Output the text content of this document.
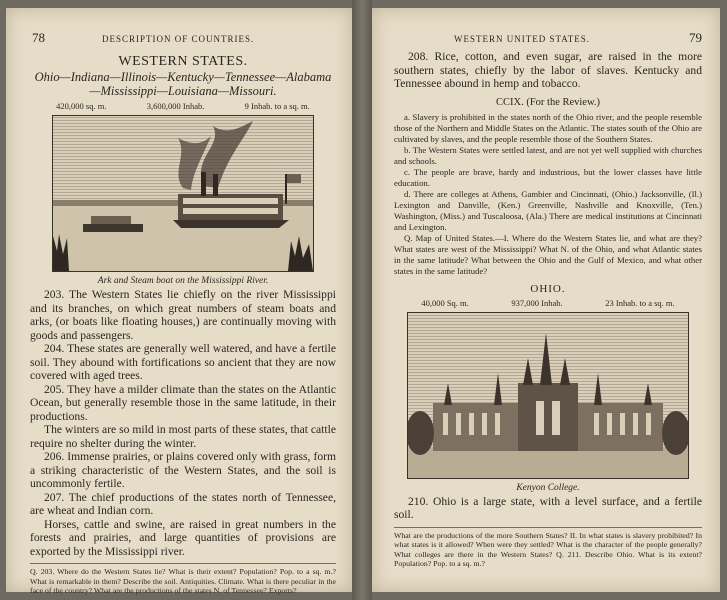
78	DESCRIPTION OF COUNTRIES.
WESTERN STATES.
Ohio—Indiana—Illinois—Kentucky—Tennessee—Alabama—Mississippi—Louisiana—Missouri.
420,000 sq. m.	3,600,000 Inhab.	9 Inhab. to a sq. m.
Ark and Steam boat on the Mississippi River.

203. The Western States lie chiefly on the river Mississippi and its branches, on which great numbers of steam boats and arks, (or boats like floating houses,) are continually moving with goods and passengers.

204. These states are generally well watered, and have a fertile soil. They abound with fortifications so ancient that they are now covered with aged trees.

205. They have a milder climate than the states on the Atlantic Ocean, but generally resemble those in the same latitude, in their productions.

The winters are so mild in most parts of these states, that cattle require no shelter during the winter.

206. Immense prairies, or plains covered only with grass, form a striking characteristic of the Western States, and the soil is uncommonly fertile.

207. The chief productions of the states north of Tennessee, are wheat and Indian corn.

Horses, cattle and swine, are raised in great numbers in the forests and prairies, and large quantities of provisions are exported by the Mississippi river.

Q. 203. Where do the Western States lie? What is their extent? Population? Pop. to a sq. m.? What is remarkable in them? Describe the soil. Antiquities. Climate. What is there peculiar in the face of the country? What are the productions of the states N. of Tennessee? Exports?
WESTERN UNITED STATES.	79

208. Rice, cotton, and even sugar, are raised in the more southern states, chiefly by the labor of slaves. Kentucky and Tennessee abound in hemp and tobacco.

CCIX. (For the Review.)

a. Slavery is prohibited in the states north of the Ohio river, and the people resemble those of the Northern and Middle States on the Atlantic. The states south of the Ohio are cultivated by slaves, and the people resemble those of the Southern States.

b. The Western States were settled latest, and are not yet well supplied with churches and schools.

c. The people are brave, hardy and industrious, but the lower classes have little education.

d. There are colleges at Athens, Gambier and Cincinnati, (Ohio.) Jacksonville, (Il.) Lexington and Danville, (Ken.) Greenville, Nashville and Knoxville, (Ten.) Washington, (Miss.) and Tuscaloosa, (Ala.) There are medical institutions at Cincinnati and Lexington.

Q. Map of United States.—I. Where do the Western States lie, and what are they? What states are west of the Mississippi? What N. of the Ohio, and what Atlantic states in the same latitude? What between the Ohio and the Gulf of Mexico, and what other states in the same latitude?

OHIO.
40,000 Sq. m.	937,000 Inhab.	23 Inhab. to a sq. m.
Kenyon College.

210. Ohio is a large state, with a level surface, and a fertile soil.

What are the productions of the more Southern States? II. In what states is slavery prohibited? In what states is it allowed? When were they settled? What is the character of the people generally? What colleges are there in the Western States? Q. 211. Describe Ohio. What is its extent? Population? Pop. to a sq. m.?
